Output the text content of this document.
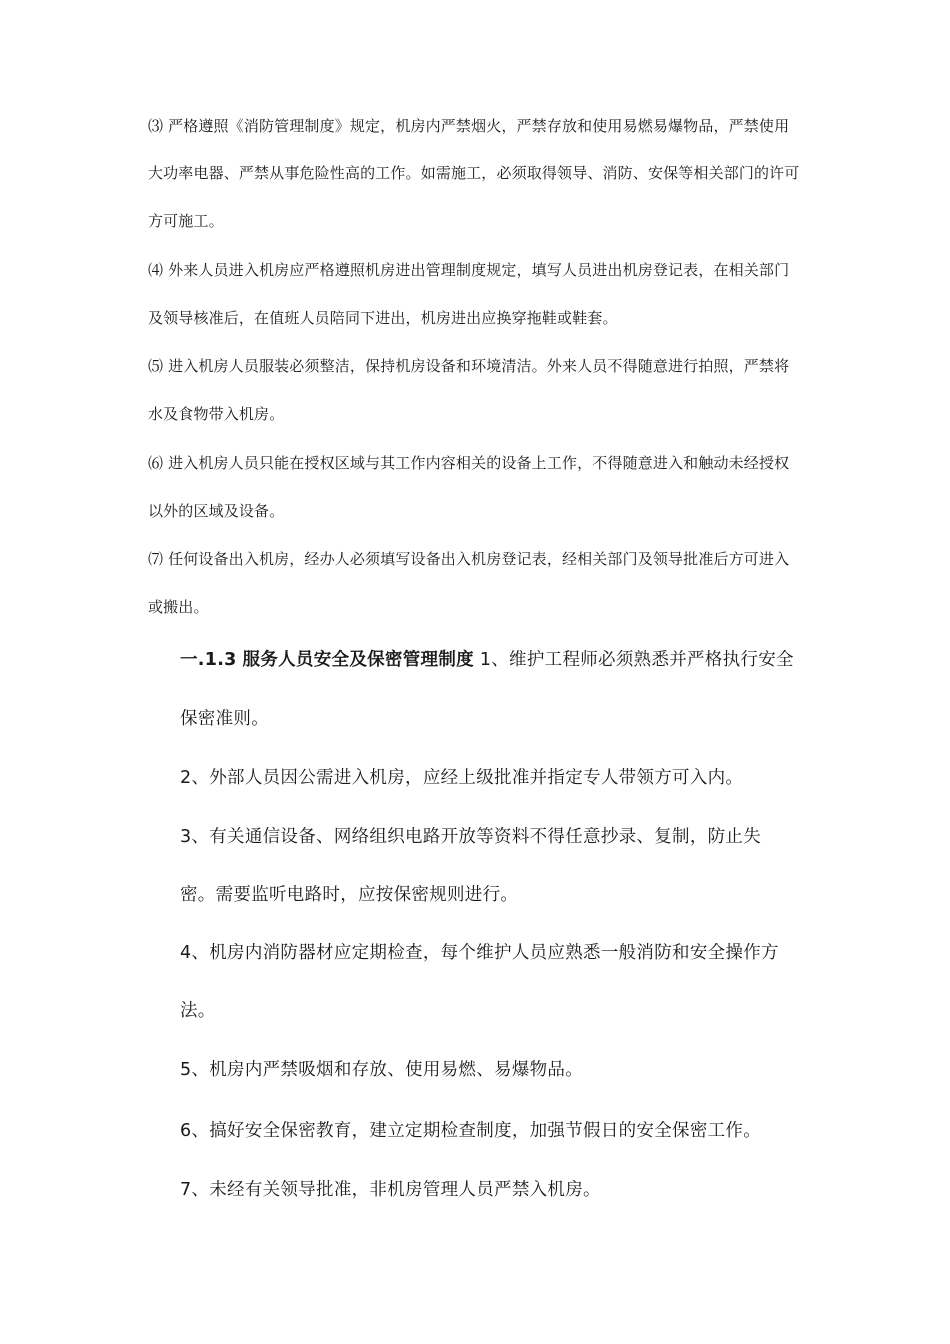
⑶ 严格遵照《消防管理制度》规定，机房内严禁烟火，严禁存放和使用易燃易爆物品，严禁使用

大功率电器、严禁从事危险性高的工作。如需施工，必须取得领导、消防、安保等相关部门的许可

方可施工。

⑷ 外来人员进入机房应严格遵照机房进出管理制度规定，填写人员进出机房登记表，在相关部门

及领导核准后，在值班人员陪同下进出，机房进出应换穿拖鞋或鞋套。

⑸ 进入机房人员服装必须整洁，保持机房设备和环境清洁。外来人员不得随意进行拍照，严禁将

水及食物带入机房。

⑹ 进入机房人员只能在授权区域与其工作内容相关的设备上工作，不得随意进入和触动未经授权

以外的区域及设备。

⑺ 任何设备出入机房，经办人必须填写设备出入机房登记表，经相关部门及领导批准后方可进入

或搬出。

一.1.3 服务人员安全及保密管理制度 1、维护工程师必须熟悉并严格执行安全

保密准则。

2、外部人员因公需进入机房，应经上级批准并指定专人带领方可入内。

3、有关通信设备、网络组织电路开放等资料不得任意抄录、复制，防止失

密。需要监听电路时，应按保密规则进行。

4、机房内消防器材应定期检查，每个维护人员应熟悉一般消防和安全操作方

法。

5、机房内严禁吸烟和存放、使用易燃、易爆物品。

6、搞好安全保密教育，建立定期检查制度，加强节假日的安全保密工作。

7、未经有关领导批准，非机房管理人员严禁入机房。
